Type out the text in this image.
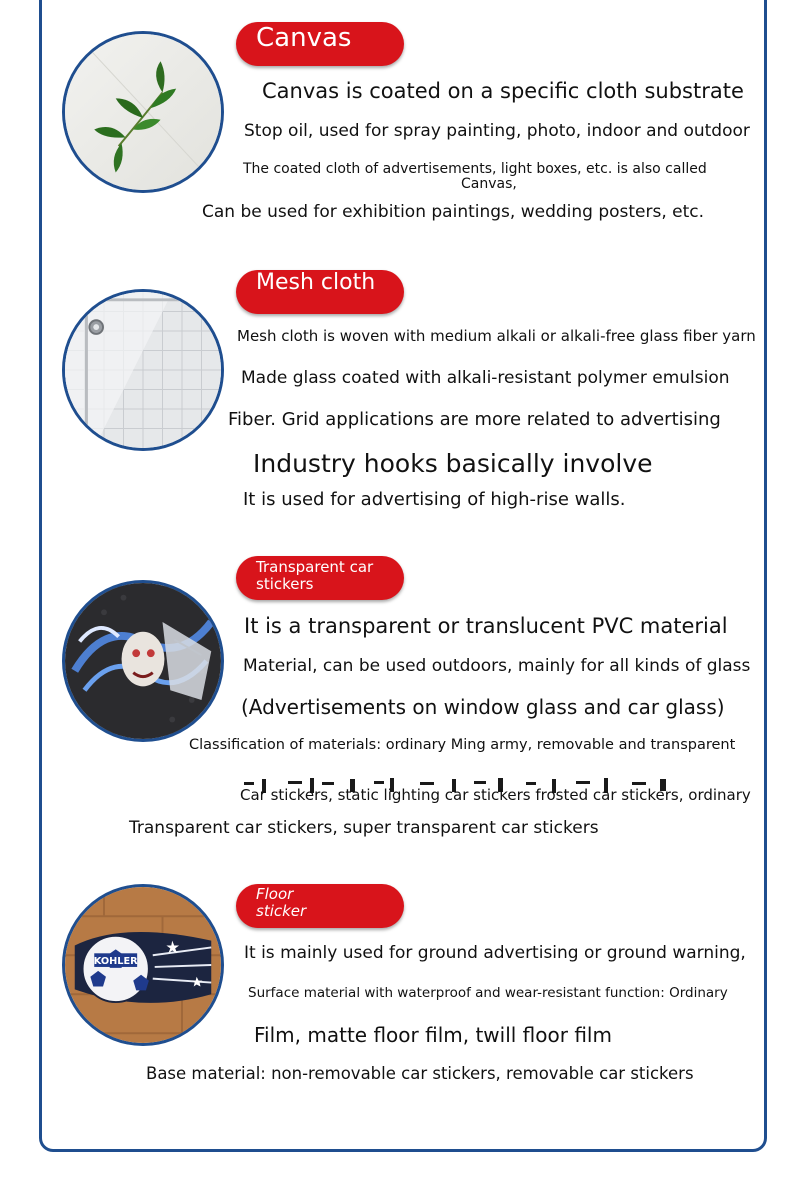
Canvas
Canvas is coated on a specific cloth substrate
Stop oil, used for spray painting, photo, indoor and outdoor
The coated cloth of advertisements, light boxes, etc. is also called
Canvas,
Can be used for exhibition paintings, wedding posters, etc.
Mesh cloth
Mesh cloth is woven with medium alkali or alkali-free glass fiber yarn
Made glass coated with alkali-resistant polymer emulsion
Fiber. Grid applications are more related to advertising
Industry hooks basically involve
It is used for advertising of high-rise walls.
Transparent car
stickers
It is a transparent or translucent PVC material
Material, can be used outdoors, mainly for all kinds of glass
(Advertisements on window glass and car glass)
Classification of materials: ordinary Ming army, removable and transparent
Car stickers, static lighting car stickers frosted car stickers, ordinary
Transparent car stickers, super transparent car stickers
KOHLER
Floor
sticker
It is mainly used for ground advertising or ground warning,
Surface material with waterproof and wear-resistant function: Ordinary
Film, matte floor film, twill floor film
Base material: non-removable car stickers, removable car stickers
